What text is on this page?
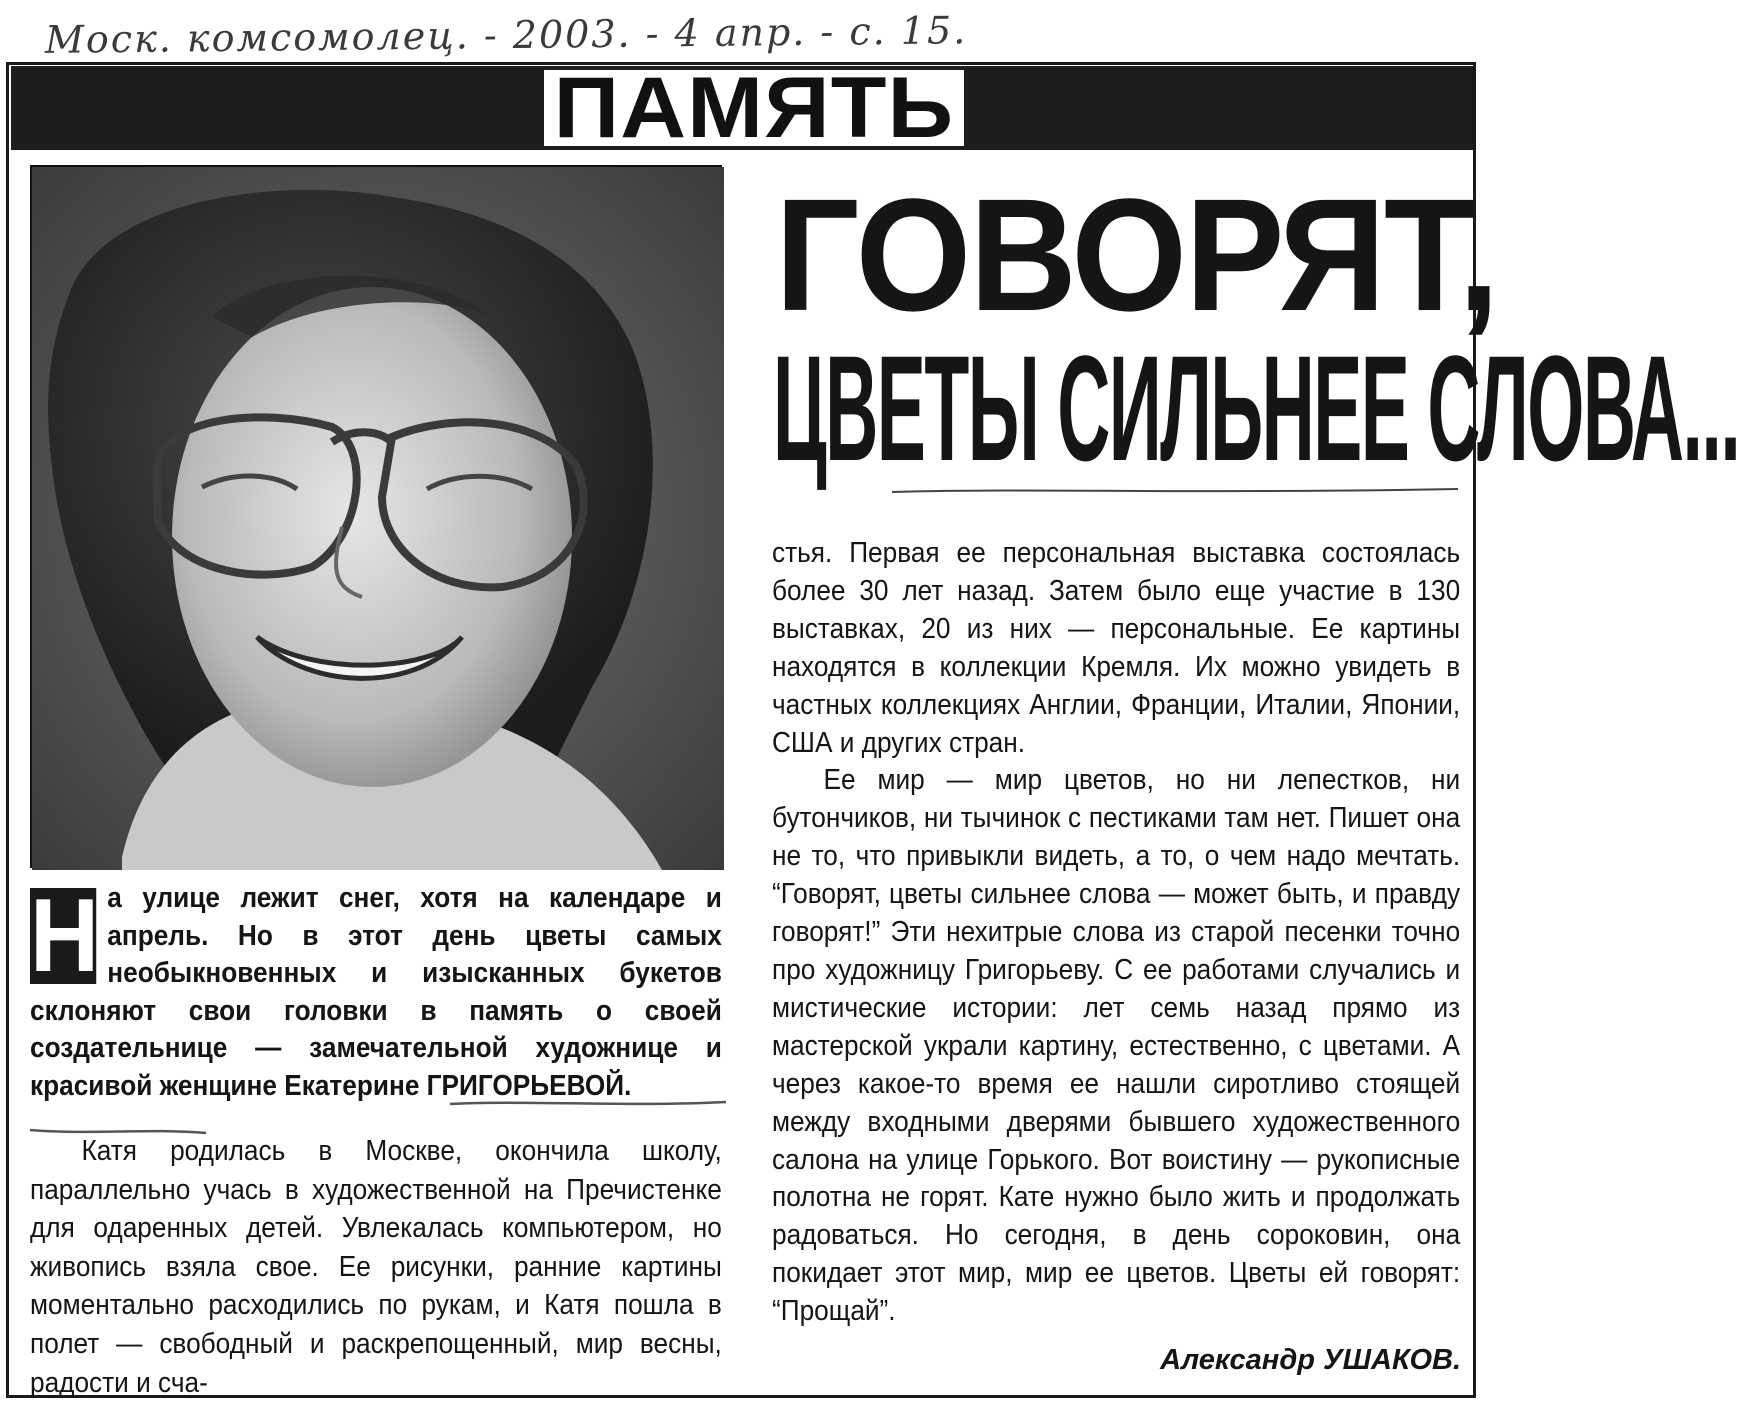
Моск. комсомолец. - 2003. - 4 апр. - с. 15.
ПАМЯТЬ
ГОВОРЯТ,
ЦВЕТЫ СИЛЬНЕЕ СЛОВА...
Н а улице лежит снег, хотя на календаре и апрель. Но в этот день цветы самых необыкновенных и изысканных букетов склоняют свои головки в память о своей создательнице — замечательной художнице и красивой женщине Екатерине ГРИГОРЬЕВОЙ.

Катя родилась в Москве, окончила школу, параллельно учась в художественной на Пречистенке для одаренных детей. Увлекалась компьютером, но живопись взяла свое. Ее рисунки, ранние картины моментально расходились по рукам, и Катя пошла в полет — свободный и раскрепощенный, мир весны, радости и сча-

стья. Первая ее персональная выставка состоялась более 30 лет назад. Затем было еще участие в 130 выставках, 20 из них — персональные. Ее картины находятся в коллекции Кремля. Их можно увидеть в частных коллекциях Англии, Франции, Италии, Японии, США и других стран.

Ее мир — мир цветов, но ни лепестков, ни бутончиков, ни тычинок с пестиками там нет. Пишет она не то, что привыкли видеть, а то, о чем надо мечтать. “Говорят, цветы сильнее слова — может быть, и правду говорят!” Эти нехитрые слова из старой песенки точно про художницу Григорьеву. С ее работами случались и мистические истории: лет семь назад прямо из мастерской украли картину, естественно, с цветами. А через какое-то время ее нашли сиротливо стоящей между входными дверями бывшего художественного салона на улице Горького. Вот воистину — рукописные полотна не горят. Кате нужно было жить и продолжать радоваться. Но сегодня, в день сороковин, она покидает этот мир, мир ее цветов. Цветы ей говорят: “Прощай”.

Александр УШАКОВ.
